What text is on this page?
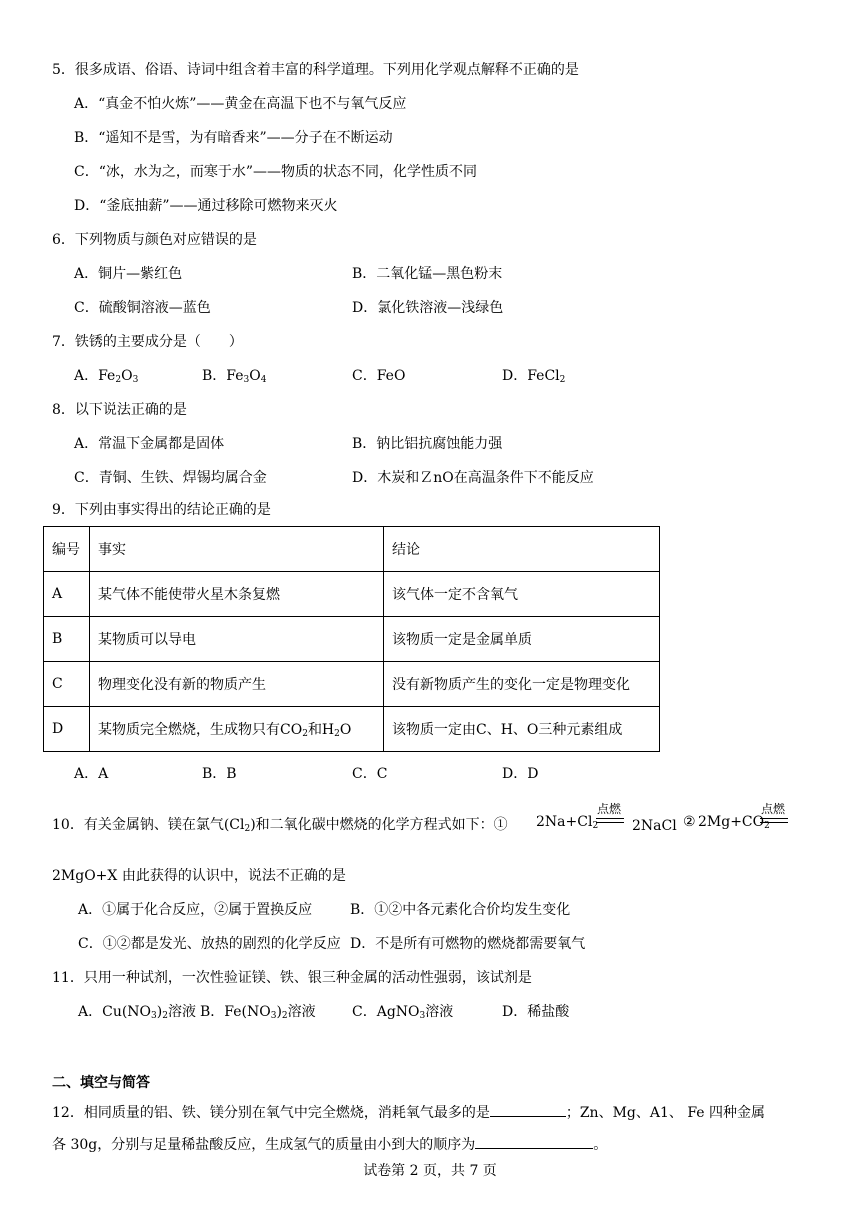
5．很多成语、俗语、诗词中组含着丰富的科学道理。下列用化学观点解释不正确的是
A．“真金不怕火炼”——黄金在高温下也不与氧气反应
B．“遥知不是雪，为有暗香来”——分子在不断运动
C．“冰，水为之，而寒于水”——物质的状态不同，化学性质不同
D．“釜底抽薪”——通过移除可燃物来灭火
6．下列物质与颜色对应错误的是
A．铜片—紫红色	B．二氧化锰—黑色粉末
C．硫酸铜溶液—蓝色	D．氯化铁溶液—浅绿色
7．铁锈的主要成分是（　　）
A．$Fe_2O_3$	B．$Fe_3O_4$	C．FeO	D．FeCl$_2$
8．以下说法正确的是
A．常温下金属都是固体	B．钠比铝抗腐蚀能力强
C．青铜、生铁、焊锡均属合金	D．木炭和ＺnO在高温条件下不能反应
9．下列由事实得出的结论正确的是
编号	事实	结论
A	某气体不能使带火星木条复燃	该气体一定不含氧气
B	某物质可以导电	该物质一定是金属单质
C	物理变化没有新的物质产生	没有新物质产生的变化一定是物理变化
D	某物质完全燃烧，生成物只有$CO_2$和$H_2O$	该物质一定由C、H、O三种元素组成
A．A	B．B	C．C	D．D
10．有关金属钠、镁在氯气$(Cl_2)$和二氧化碳中燃烧的化学方程式如下：① $2Na+Cl_2$
点燃
2NaCl ② $2Mg+CO_2$
点燃
2MgO+X 由此获得的认识中，说法不正确的是
A．①属于化合反应，②属于置换反应	B．①②中各元素化合价均发生变化
C．①②都是发光、放热的剧烈的化学反应 D．不是所有可燃物的燃烧都需要氧气
11．只用一种试剂，一次性验证镁、铁、银三种金属的活动性强弱，该试剂是
A．$Cu(NO_3)_2$溶液 B．$Fe(NO_3)_2$溶液	C．AgNO$_3$溶液	D．稀盐酸
二、填空与简答
12．相同质量的铝、铁、镁分别在氧气中完全燃烧，消耗氧气最多的是	；Zn、Mg、A1、 Fe 四种金属
各 30g，分别与足量稀盐酸反应，生成氢气的质量由小到大的顺序为	。
试卷第 2 页，共 7 页
